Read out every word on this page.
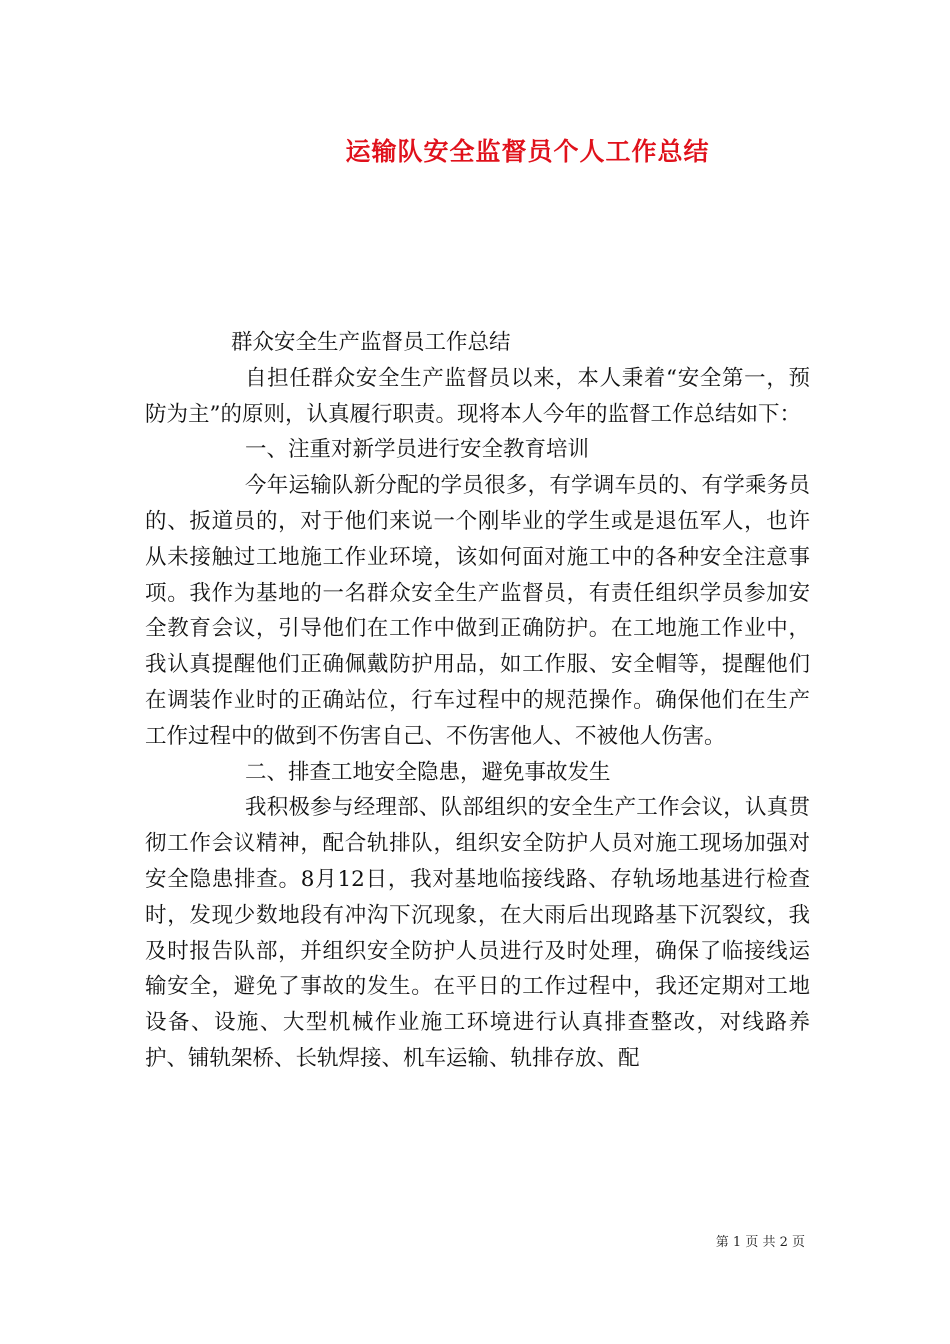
运输队安全监督员个人工作总结

群众安全生产监督员工作总结

自担任群众安全生产监督员以来，本人秉着“安全第一，预防为主”的原则，认真履行职责。现将本人今年的监督工作总结如下：

一、注重对新学员进行安全教育培训

今年运输队新分配的学员很多，有学调车员的、有学乘务员的、扳道员的，对于他们来说一个刚毕业的学生或是退伍军人，也许从未接触过工地施工作业环境，该如何面对施工中的各种安全注意事项。我作为基地的一名群众安全生产监督员，有责任组织学员参加安全教育会议，引导他们在工作中做到正确防护。在工地施工作业中，我认真提醒他们正确佩戴防护用品，如工作服、安全帽等，提醒他们在调装作业时的正确站位，行车过程中的规范操作。确保他们在生产工作过程中的做到不伤害自己、不伤害他人、不被他人伤害。

二、排查工地安全隐患，避免事故发生

我积极参与经理部、队部组织的安全生产工作会议，认真贯彻工作会议精神，配合轨排队，组织安全防护人员对施工现场加强对安全隐患排查。8月12日，我对基地临接线路、存轨场地基进行检查时，发现少数地段有冲沟下沉现象，在大雨后出现路基下沉裂纹，我及时报告队部，并组织安全防护人员进行及时处理，确保了临接线运输安全，避免了事故的发生。在平日的工作过程中，我还定期对工地设备、设施、大型机械作业施工环境进行认真排查整改，对线路养护、铺轨架桥、长轨焊接、机车运输、轨排存放、配

第 1 页 共 2 页
